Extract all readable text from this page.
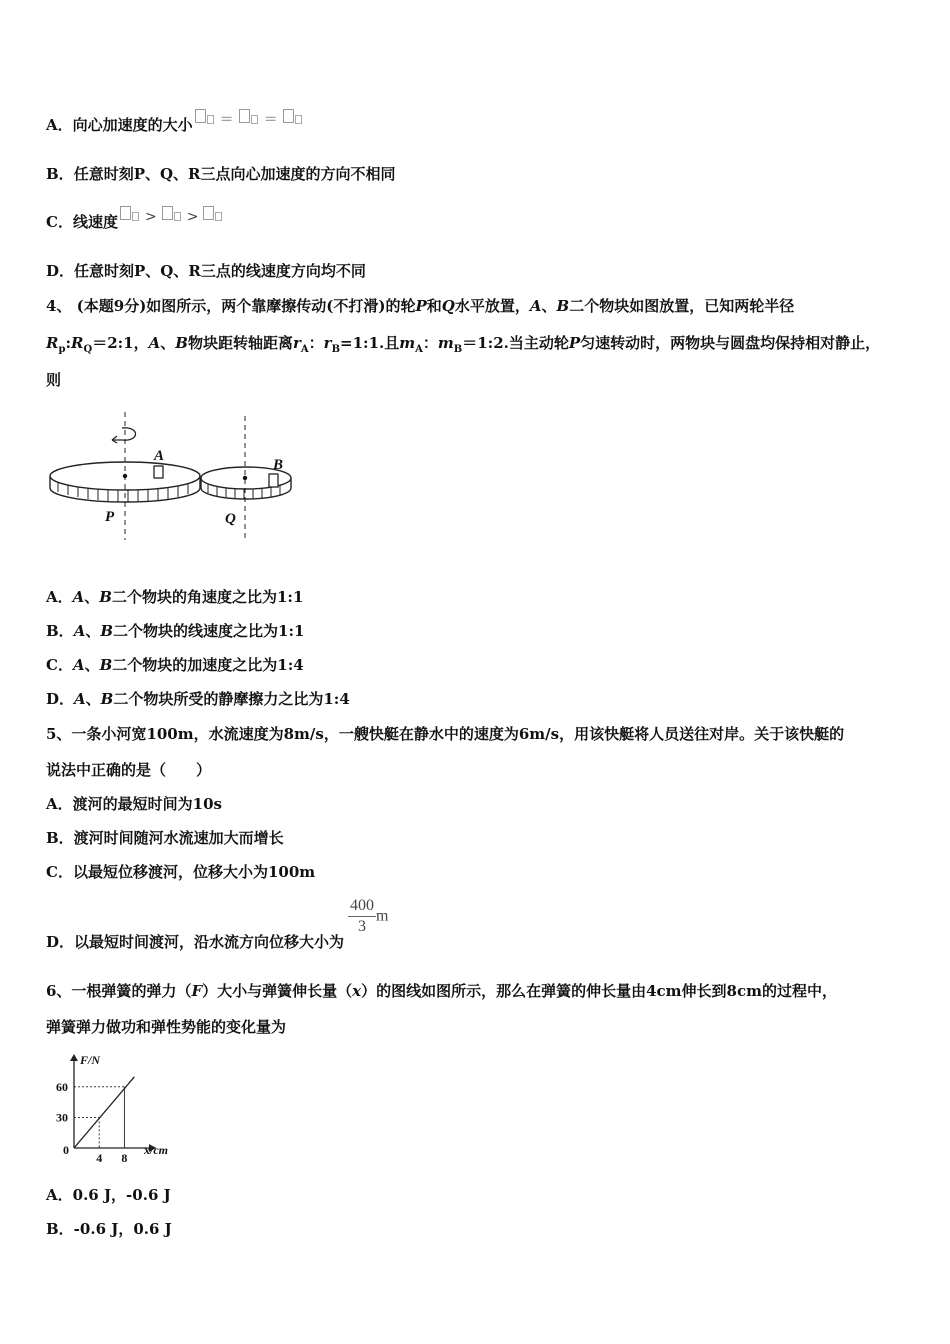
A．向心加速度的大小 ＝ ＝
B．任意时刻P、Q、R三点向心加速度的方向不相同
C．线速度 > >
D．任意时刻P、Q、R三点的线速度方向均不同
4、 (本题9分)如图所示，两个靠摩擦传动(不打滑)的轮P和Q水平放置，A、B二个物块如图放置，已知两轮半径
$R_p:R_Q=2:1$，A、B物块距转轴距离$r_A$：$r_B=1:1$.且$m_A$：$m_B=1:2$.当主动轮P匀速转动时，两物块与圆盘均保持相对静止，
则
A
B
P	Q
A．A、B二个物块的角速度之比为1:1
B．A、B二个物块的线速度之比为1:1
C．A、B二个物块的加速度之比为1:4
D．A、B二个物块所受的静摩擦力之比为1:4
5、一条小河宽100m，水流速度为8m/s，一艘快艇在静水中的速度为6m/s，用该快艇将人员送往对岸。关于该快艇的
说法中正确的是（　　）
A．渡河的最短时间为10s
B．渡河时间随河水流速加大而增长
C．以最短位移渡河，位移大小为100m
D．以最短时间渡河，沿水流方向位移大小为
$\frac{400}{3}$ m
6、一根弹簧的弹力（F）大小与弹簧伸长量（x）的图线如图所示，那么在弹簧的伸长量由4cm伸长到8cm的过程中，
弹簧弹力做功和弹性势能的变化量为
F/N
x/cm
0
4 8
30
60
A．0.6 J，-0.6 J
B．-0.6 J，0.6 J
